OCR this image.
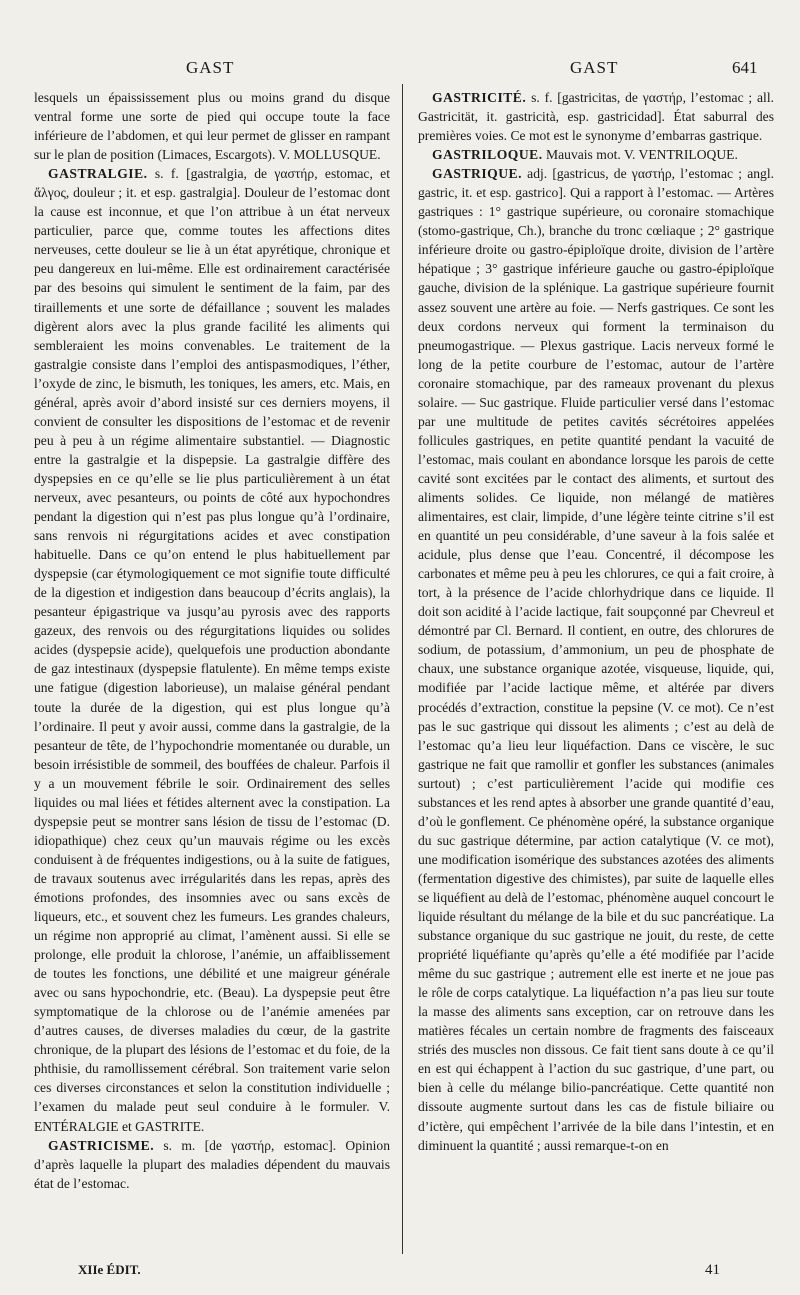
GAST	GAST	641

lesquels un épaississement plus ou moins grand du disque ventral forme une sorte de pied qui occupe toute la face inférieure de l’abdomen, et qui leur permet de glisser en rampant sur le plan de position (Limaces, Escargots). V. MOLLUSQUE.

GASTRALGIE. s. f. [gastralgia, de γαστήρ, estomac, et ἄλγος, douleur ; it. et esp. gastralgia]. Douleur de l’estomac dont la cause est inconnue, et que l’on attribue à un état nerveux particulier, parce que, comme toutes les affections dites nerveuses, cette douleur se lie à un état apyrétique, chronique et peu dangereux en lui-même. Elle est ordinairement caractérisée par des besoins qui simulent le sentiment de la faim, par des tiraillements et une sorte de défaillance ; souvent les malades digèrent alors avec la plus grande facilité les aliments qui sembleraient les moins convenables. Le traitement de la gastralgie consiste dans l’emploi des antispasmodiques, l’éther, l’oxyde de zinc, le bismuth, les toniques, les amers, etc. Mais, en général, après avoir d’abord insisté sur ces derniers moyens, il convient de consulter les dispositions de l’estomac et de revenir peu à peu à un régime alimentaire substantiel. — Diagnostic entre la gastralgie et la dispepsie. La gastralgie diffère des dyspepsies en ce qu’elle se lie plus particulièrement à un état nerveux, avec pesanteurs, ou points de côté aux hypochondres pendant la digestion qui n’est pas plus longue qu’à l’ordinaire, sans renvois ni régurgitations acides et avec constipation habituelle. Dans ce qu’on entend le plus habituellement par dyspepsie (car étymologiquement ce mot signifie toute difficulté de la digestion et indigestion dans beaucoup d’écrits anglais), la pesanteur épigastrique va jusqu’au pyrosis avec des rapports gazeux, des renvois ou des régurgitations liquides ou solides acides (dyspepsie acide), quelquefois une production abondante de gaz intestinaux (dyspepsie flatulente). En même temps existe une fatigue (digestion laborieuse), un malaise général pendant toute la durée de la digestion, qui est plus longue qu’à l’ordinaire. Il peut y avoir aussi, comme dans la gastralgie, de la pesanteur de tête, de l’hypochondrie momentanée ou durable, un besoin irrésistible de sommeil, des bouffées de chaleur. Parfois il y a un mouvement fébrile le soir. Ordinairement des selles liquides ou mal liées et fétides alternent avec la constipation. La dyspepsie peut se montrer sans lésion de tissu de l’estomac (D. idiopathique) chez ceux qu’un mauvais régime ou les excès conduisent à de fréquentes indigestions, ou à la suite de fatigues, de travaux soutenus avec irrégularités dans les repas, après des émotions profondes, des insomnies avec ou sans excès de liqueurs, etc., et souvent chez les fumeurs. Les grandes chaleurs, un régime non approprié au climat, l’amènent aussi. Si elle se prolonge, elle produit la chlorose, l’anémie, un affaiblissement de toutes les fonctions, une débilité et une maigreur générale avec ou sans hypochondrie, etc. (Beau). La dyspepsie peut être symptomatique de la chlorose ou de l’anémie amenées par d’autres causes, de diverses maladies du cœur, de la gastrite chronique, de la plupart des lésions de l’estomac et du foie, de la phthisie, du ramollissement cérébral. Son traitement varie selon ces diverses circonstances et selon la constitution individuelle ; l’examen du malade peut seul conduire à le formuler. V. ENTÉRALGIE et GASTRITE.

GASTRICISME. s. m. [de γαστήρ, estomac]. Opinion d’après laquelle la plupart des maladies dépendent du mauvais état de l’estomac.

GASTRICITÉ. s. f. [gastricitas, de γαστήρ, l’estomac ; all. Gastricität, it. gastricità, esp. gastricidad]. État saburral des premières voies. Ce mot est le synonyme d’embarras gastrique.

GASTRILOQUE. Mauvais mot. V. VENTRILOQUE.

GASTRIQUE. adj. [gastricus, de γαστήρ, l’estomac ; angl. gastric, it. et esp. gastrico]. Qui a rapport à l’estomac. — Artères gastriques : 1° gastrique supérieure, ou coronaire stomachique (stomo-gastrique, Ch.), branche du tronc cœliaque ; 2° gastrique inférieure droite ou gastro-épiploïque droite, division de l’artère hépatique ; 3° gastrique inférieure gauche ou gastro-épiploïque gauche, division de la splénique. La gastrique supérieure fournit assez souvent une artère au foie. — Nerfs gastriques. Ce sont les deux cordons nerveux qui forment la terminaison du pneumogastrique. — Plexus gastrique. Lacis nerveux formé le long de la petite courbure de l’estomac, autour de l’artère coronaire stomachique, par des rameaux provenant du plexus solaire. — Suc gastrique. Fluide particulier versé dans l’estomac par une multitude de petites cavités sécrétoires appelées follicules gastriques, en petite quantité pendant la vacuité de l’estomac, mais coulant en abondance lorsque les parois de cette cavité sont excitées par le contact des aliments, et surtout des aliments solides. Ce liquide, non mélangé de matières alimentaires, est clair, limpide, d’une légère teinte citrine s’il est en quantité un peu considérable, d’une saveur à la fois salée et acidule, plus dense que l’eau. Concentré, il décompose les carbonates et même peu à peu les chlorures, ce qui a fait croire, à tort, à la présence de l’acide chlorhydrique dans ce liquide. Il doit son acidité à l’acide lactique, fait soupçonné par Chevreul et démontré par Cl. Bernard. Il contient, en outre, des chlorures de sodium, de potassium, d’ammonium, un peu de phosphate de chaux, une substance organique azotée, visqueuse, liquide, qui, modifiée par l’acide lactique même, et altérée par divers procédés d’extraction, constitue la pepsine (V. ce mot). Ce n’est pas le suc gastrique qui dissout les aliments ; c’est au delà de l’estomac qu’a lieu leur liquéfaction. Dans ce viscère, le suc gastrique ne fait que ramollir et gonfler les substances (animales surtout) ; c’est particulièrement l’acide qui modifie ces substances et les rend aptes à absorber une grande quantité d’eau, d’où le gonflement. Ce phénomène opéré, la substance organique du suc gastrique détermine, par action catalytique (V. ce mot), une modification isomérique des substances azotées des aliments (fermentation digestive des chimistes), par suite de laquelle elles se liquéfient au delà de l’estomac, phénomène auquel concourt le liquide résultant du mélange de la bile et du suc pancréatique. La substance organique du suc gastrique ne jouit, du reste, de cette propriété liquéfiante qu’après qu’elle a été modifiée par l’acide même du suc gastrique ; autrement elle est inerte et ne joue pas le rôle de corps catalytique. La liquéfaction n’a pas lieu sur toute la masse des aliments sans exception, car on retrouve dans les matières fécales un certain nombre de fragments des faisceaux striés des muscles non dissous. Ce fait tient sans doute à ce qu’il en est qui échappent à l’action du suc gastrique, d’une part, ou bien à celle du mélange bilio-pancréatique. Cette quantité non dissoute augmente surtout dans les cas de fistule biliaire ou d’ictère, qui empêchent l’arrivée de la bile dans l’intestin, et en diminuent la quantité ; aussi remarque-t-on en

XIIe ÉDIT.	41
